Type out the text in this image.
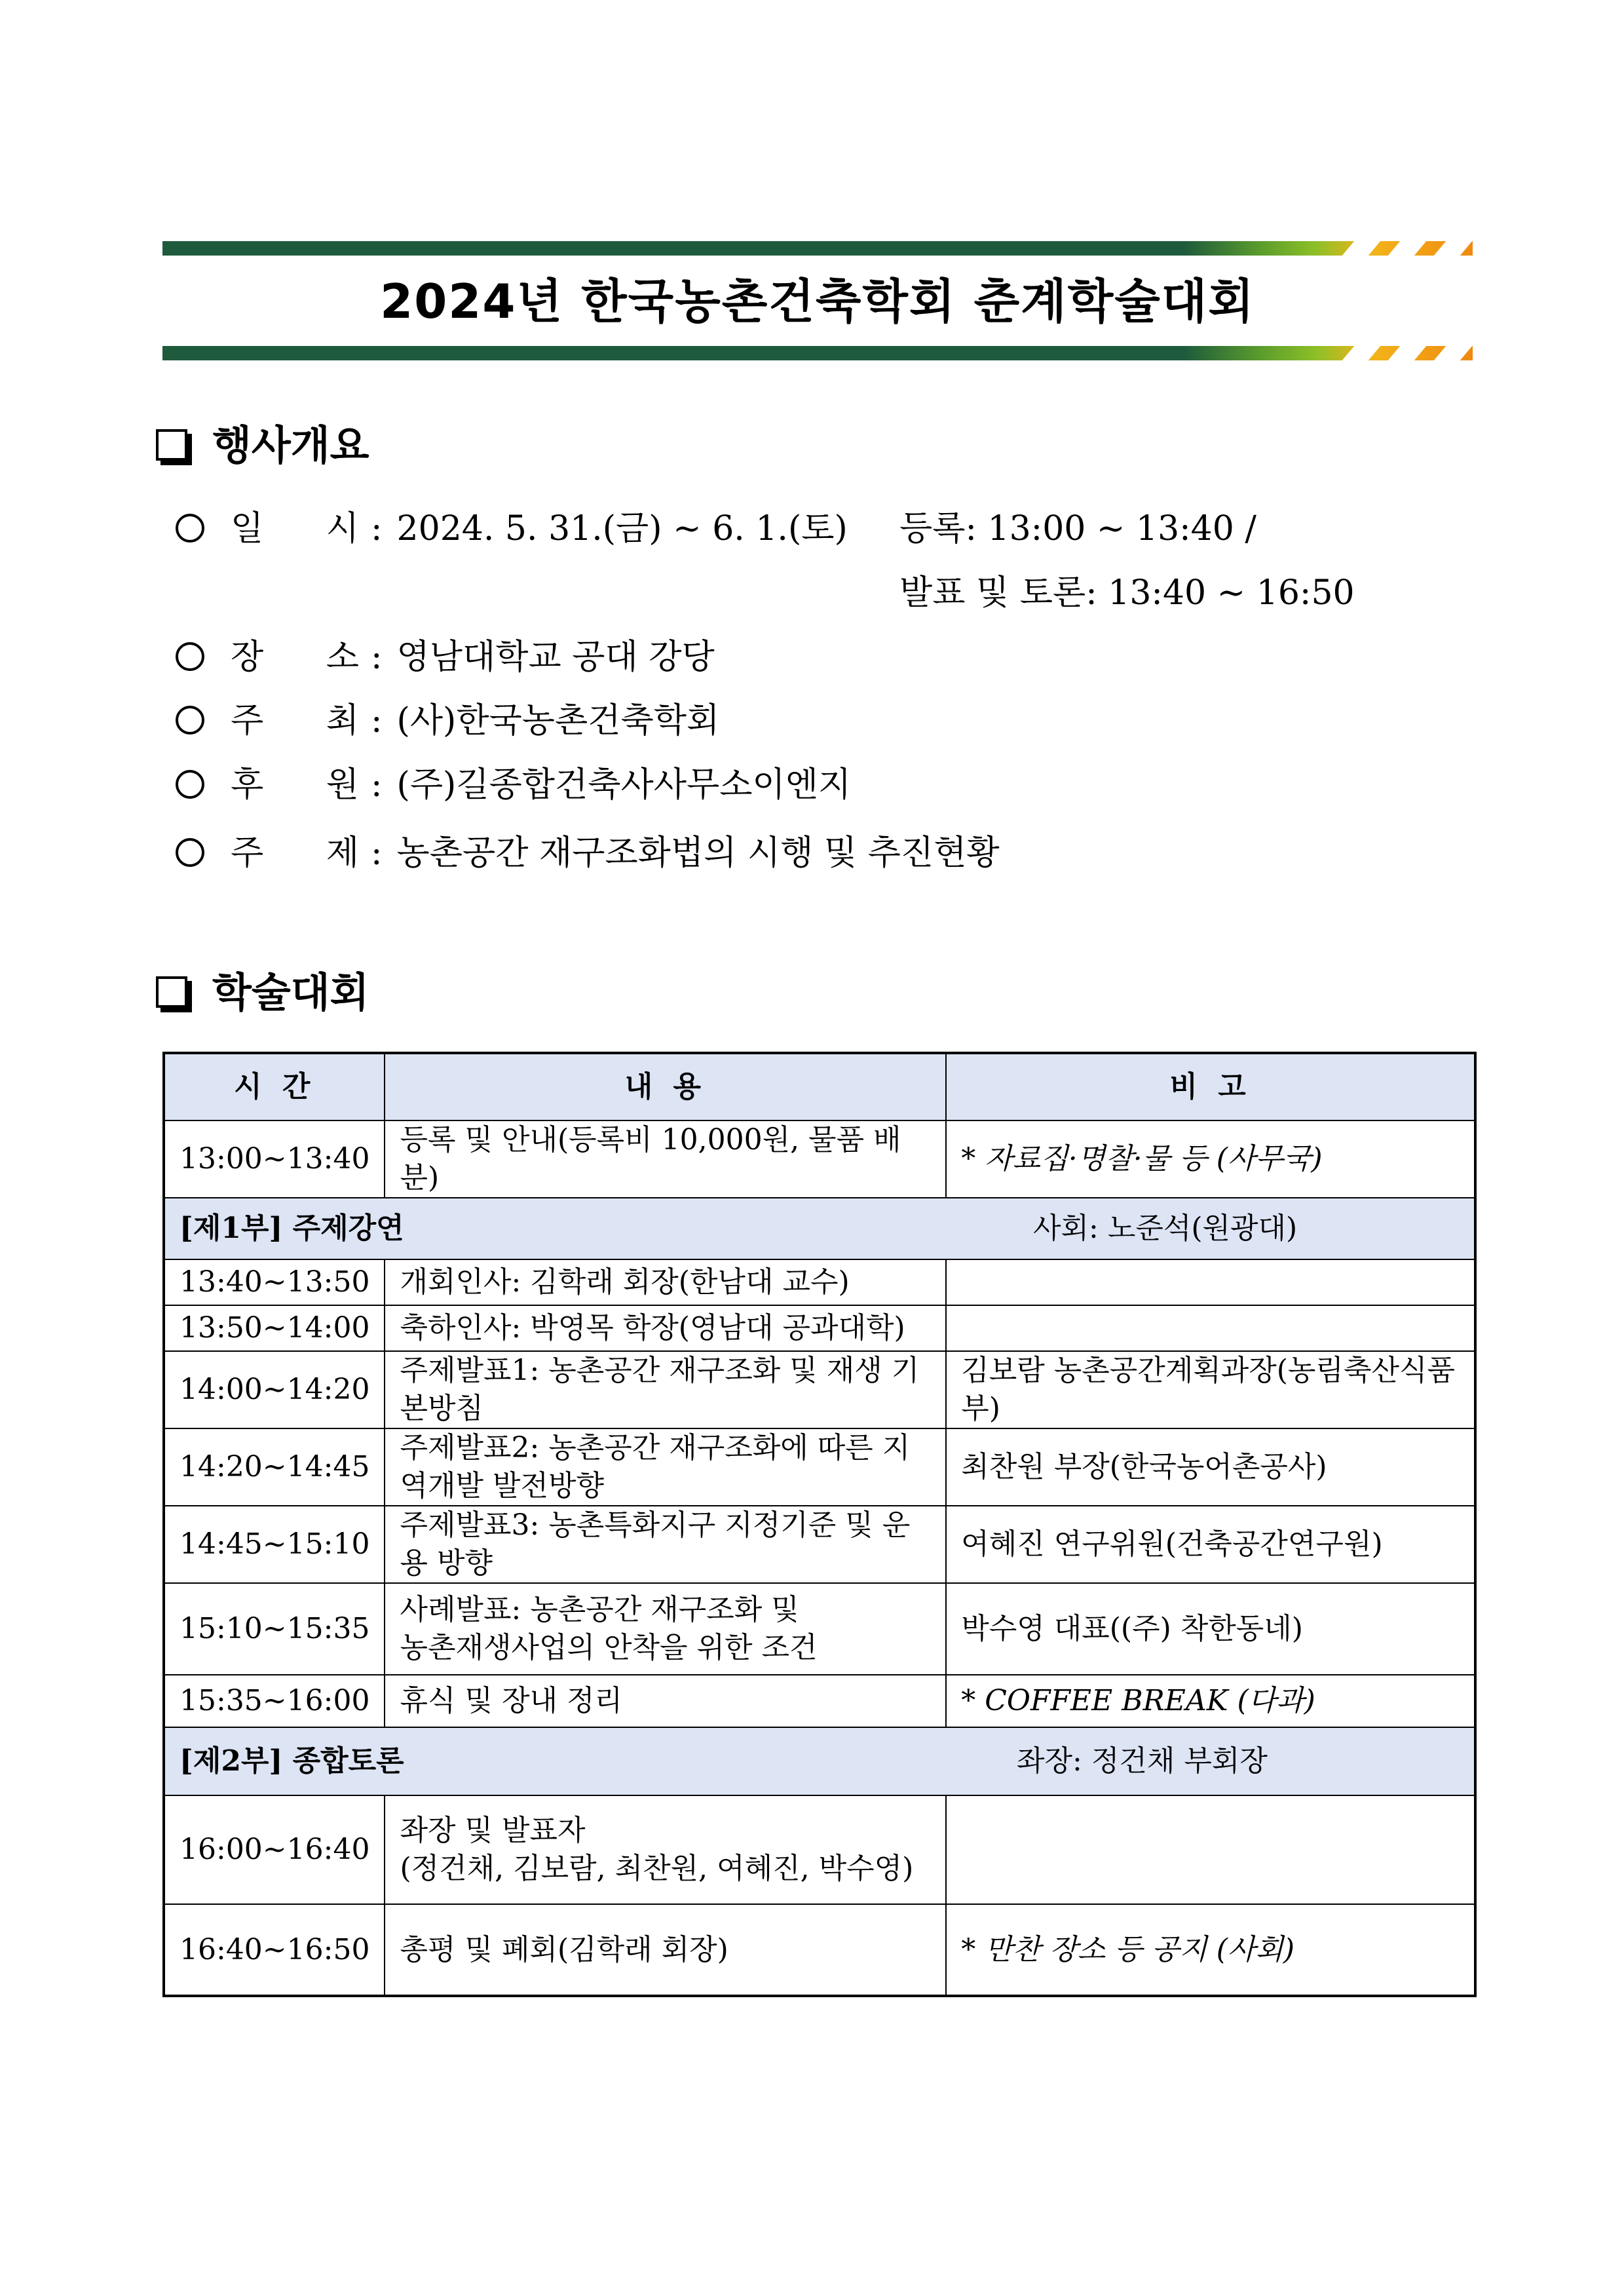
2024년 한국농촌건축학회 춘계학술대회
행사개요
일 시 : 2024. 5. 31.(금) ~ 6. 1.(토) 등록: 13:00 ~ 13:40 /
발표 및 토론: 13:40 ~ 16:50
장 소 : 영남대학교 공대 강당
주 최 : (사)한국농촌건축학회
후 원 : (주)길종합건축사사무소이엔지
주 제 : 농촌공간 재구조화법의 시행 및 추진현황
학술대회
시 간	내 용	비 고
13:00~13:40	등록 및 안내(등록비 10,000원, 물품 배분)	* 자료집·명찰·물 등 (사무국)
[제1부] 주제강연 사회: 노준석(원광대)		

13:40~13:50	개회인사: 김학래 회장(한남대 교수)	
13:50~14:00	축하인사: 박영목 학장(영남대 공과대학)	
14:00~14:20	주제발표1: 농촌공간 재구조화 및 재생 기본방침	김보람 농촌공간계획과장(농림축산식품부)
14:20~14:45	주제발표2: 농촌공간 재구조화에 따른 지역개발 발전방향	최찬원 부장(한국농어촌공사)
14:45~15:10	주제발표3: 농촌특화지구 지정기준 및 운용 방향	여혜진 연구위원(건축공간연구원)
15:10~15:35	사례발표: 농촌공간 재구조화 및
농촌재생사업의 안착을 위한 조건	박수영 대표((주) 착한동네)
15:35~16:00	휴식 및 장내 정리	* COFFEE BREAK (다과)
[제2부] 종합토론 좌장: 정건채 부회장		

16:00~16:40	좌장 및 발표자
(정건채, 김보람, 최찬원, 여혜진, 박수영)	

16:40~16:50	총평 및 폐회(김학래 회장)	* 만찬 장소 등 공지 (사회)
